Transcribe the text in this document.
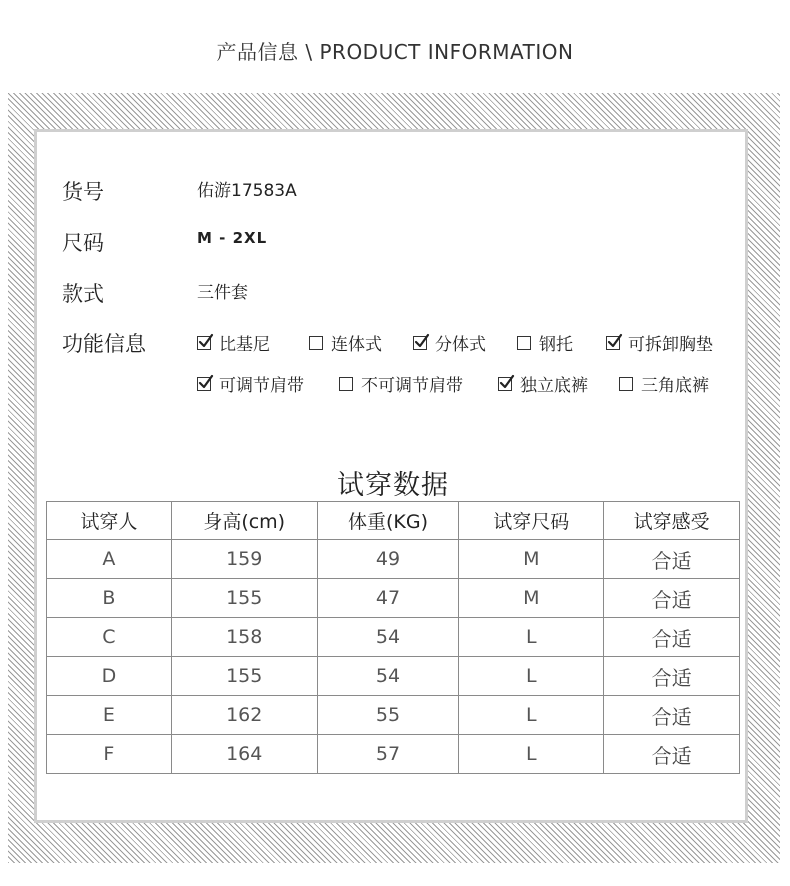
产品信息 \ PRODUCT INFORMATION
货号	佑游17583A
尺码	M - 2XL
款式	三件套
功能信息	比基尼	连体式	分体式	钢托	可拆卸胸垫
可调节肩带	不可调节肩带	独立底裤	三角底裤
试穿数据
试穿人	身高(cm)	体重(KG)	试穿尺码	试穿感受
A	159	49	M	合适
B	155	47	M	合适
C	158	54	L	合适
D	155	54	L	合适
E	162	55	L	合适
F	164	57	L	合适
